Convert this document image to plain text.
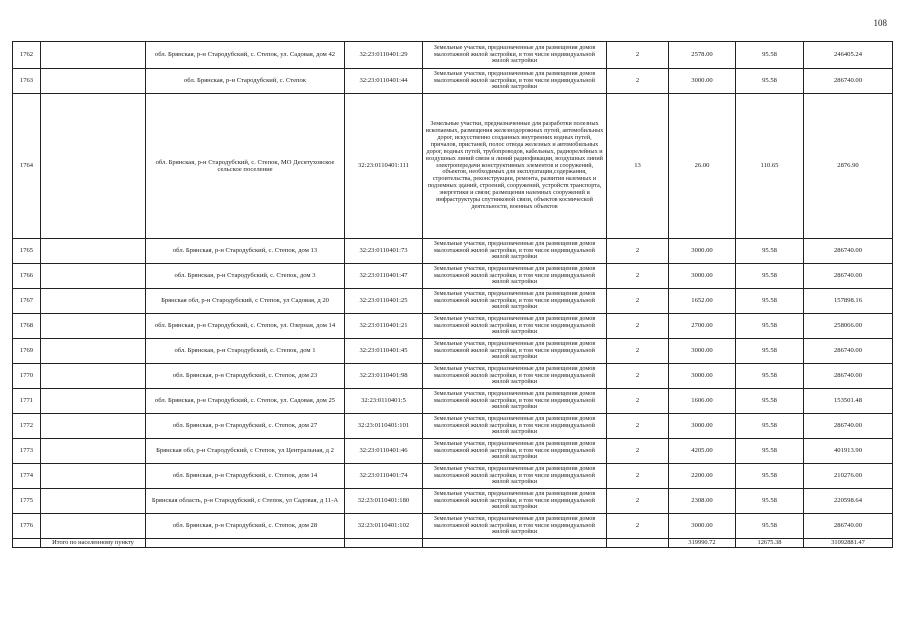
108
1762		обл. Брянская, р-н Стародубский, с. Степок, ул. Садовая, дом 42	32:23:0110401:29	Земельные участки, предназначенные для размещения домов малоэтажной жилой застройки, в том числе индивидуальной жилой застройки	2	2578.00	95.58	246405.24
1763		обл. Брянская, р-н Стародубский, с. Степок	32:23:0110401:44	Земельные участки, предназначенные для размещения домов малоэтажной жилой застройки, в том числе индивидуальной жилой застройки	2	3000.00	95.58	286740.00
1764		обл. Брянская, р-н Стародубский, с. Степок, МО Десятуховское сельское поселение	32:23:0110401:111	Земельные участки, предназначенные для разработки полезных ископаемых, размещения железнодорожных путей, автомобильных дорог, искусственно созданных внутренних водных путей, причалов, пристаней, полос отвода железных и автомобильных дорог, водных путей, трубопроводов, кабельных, радиорелейных и воздушных линий связи и линий радиофикации, воздушных линий электропередачи конструктивных элементов и сооружений, объектов, необходимых для эксплуатации,содержания, строительства, реконструкции, ремонта, развития наземных и подземных зданий, строений, сооружений, устройств транспорта, энергетики и связи; размещения наземных сооружений и инфраструктуры спутниковой связи, объектов космической деятельности, военных объектов	13	26.00	110.65	2876.90
1765		обл. Брянская, р-н Стародубский, с. Степок, дом 13	32:23:0110401:73	Земельные участки, предназначенные для размещения домов малоэтажной жилой застройки, в том числе индивидуальной жилой застройки	2	3000.00	95.58	286740.00
1766		обл. Брянская, р-н Стародубский, с. Степок, дом 3	32:23:0110401:47	Земельные участки, предназначенные для размещения домов малоэтажной жилой застройки, в том числе индивидуальной жилой застройки	2	3000.00	95.58	286740.00
1767		Брянская обл, р-н Стародубский, с Степок, ул Садовая, д 20	32:23:0110401:25	Земельные участки, предназначенные для размещения домов малоэтажной жилой застройки, в том числе индивидуальной жилой застройки	2	1652.00	95.58	157898.16
1768		обл. Брянская, р-н Стародубский, с. Степок, ул. Озерная, дом 14	32:23:0110401:21	Земельные участки, предназначенные для размещения домов малоэтажной жилой застройки, в том числе индивидуальной жилой застройки	2	2700.00	95.58	258066.00
1769		обл. Брянская, р-н Стародубский, с. Степок, дом 1	32:23:0110401:45	Земельные участки, предназначенные для размещения домов малоэтажной жилой застройки, в том числе индивидуальной жилой застройки	2	3000.00	95.58	286740.00
1770		обл. Брянская, р-н Стародубский, с. Степок, дом 23	32:23:0110401:98	Земельные участки, предназначенные для размещения домов малоэтажной жилой застройки, в том числе индивидуальной жилой застройки	2	3000.00	95.58	286740.00
1771		обл. Брянская, р-н Стародубский, с. Степок, ул. Садовая, дом 25	32:23:0110401:5	Земельные участки, предназначенные для размещения домов малоэтажной жилой застройки, в том числе индивидуальной жилой застройки	2	1606.00	95.58	153501.48
1772		обл. Брянская, р-н Стародубский, с. Степок, дом 27	32:23:0110401:101	Земельные участки, предназначенные для размещения домов малоэтажной жилой застройки, в том числе индивидуальной жилой застройки	2	3000.00	95.58	286740.00
1773		Брянская обл, р-н Стародубский, с Степок, ул Центральная, д 2	32:23:0110401:46	Земельные участки, предназначенные для размещения домов малоэтажной жилой застройки, в том числе индивидуальной жилой застройки	2	4205.00	95.58	401913.90
1774		обл. Брянская, р-н Стародубский, с. Степок, дом 14	32:23:0110401:74	Земельные участки, предназначенные для размещения домов малоэтажной жилой застройки, в том числе индивидуальной жилой застройки	2	2200.00	95.58	210276.00
1775		Брянская область, р-н Стародубский, с Степок, ул Садовая, д 11-А	32:23:0110401:180	Земельные участки, предназначенные для размещения домов малоэтажной жилой застройки, в том числе индивидуальной жилой застройки	2	2308.00	95.58	220598.64
1776		обл. Брянская, р-н Стародубский, с. Степок, дом 28	32:23:0110401:102	Земельные участки, предназначенные для размещения домов малоэтажной жилой застройки, в том числе индивидуальной жилой застройки	2	3000.00	95.58	286740.00
	Итого по населенному пункту					319990.72	12675.38	31092881.47
